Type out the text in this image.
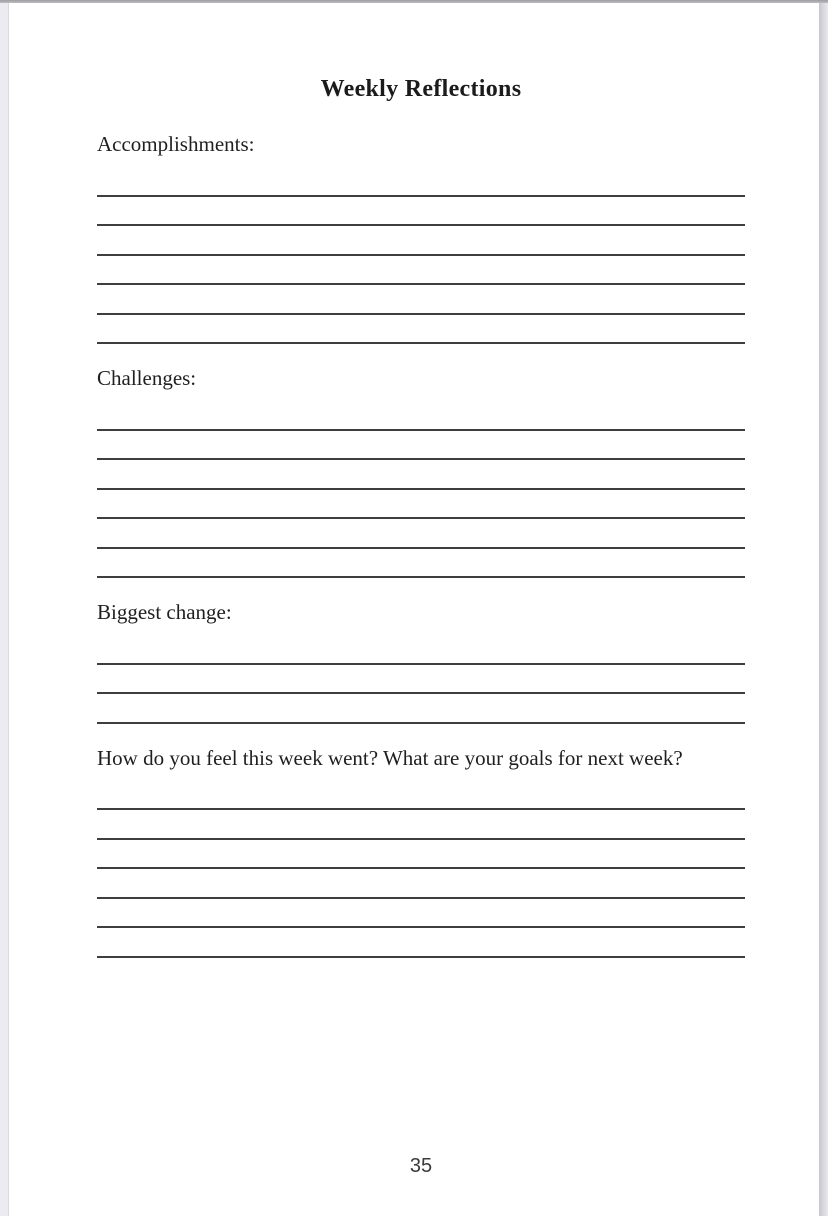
Weekly Reflections
Accomplishments:
Challenges:
Biggest change:
How do you feel this week went? What are your goals for next week?
35
